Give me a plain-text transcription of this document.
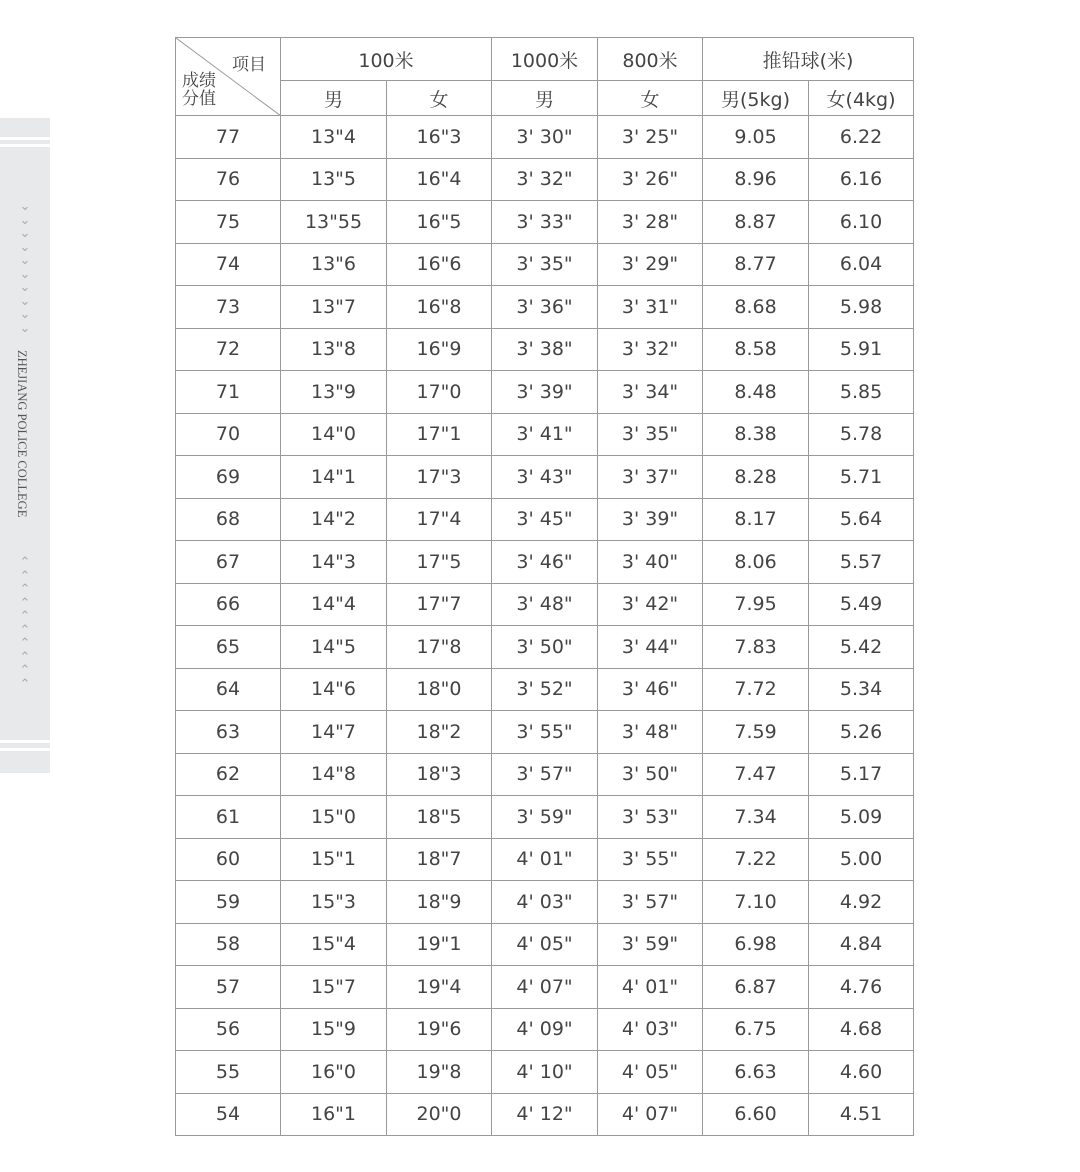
⌄
⌄
⌄
⌄
⌄
⌄
⌄
⌄
⌄
⌄
ZHEJIANG POLICE COLLEGE
⌃
⌃
⌃
⌃
⌃
⌃
⌃
⌃
⌃
⌃
项目
成绩
分值	100米		1000米	800米	推铅球(米)	
	男	女	男	女	男(5kg)	女(4kg)
77	13"4	16"3	3' 30"	3' 25"	9.05	6.22
76	13"5	16"4	3' 32"	3' 26"	8.96	6.16
75	13"55	16"5	3' 33"	3' 28"	8.87	6.10
74	13"6	16"6	3' 35"	3' 29"	8.77	6.04
73	13"7	16"8	3' 36"	3' 31"	8.68	5.98
72	13"8	16"9	3' 38"	3' 32"	8.58	5.91
71	13"9	17"0	3' 39"	3' 34"	8.48	5.85
70	14"0	17"1	3' 41"	3' 35"	8.38	5.78
69	14"1	17"3	3' 43"	3' 37"	8.28	5.71
68	14"2	17"4	3' 45"	3' 39"	8.17	5.64
67	14"3	17"5	3' 46"	3' 40"	8.06	5.57
66	14"4	17"7	3' 48"	3' 42"	7.95	5.49
65	14"5	17"8	3' 50"	3' 44"	7.83	5.42
64	14"6	18"0	3' 52"	3' 46"	7.72	5.34
63	14"7	18"2	3' 55"	3' 48"	7.59	5.26
62	14"8	18"3	3' 57"	3' 50"	7.47	5.17
61	15"0	18"5	3' 59"	3' 53"	7.34	5.09
60	15"1	18"7	4' 01"	3' 55"	7.22	5.00
59	15"3	18"9	4' 03"	3' 57"	7.10	4.92
58	15"4	19"1	4' 05"	3' 59"	6.98	4.84
57	15"7	19"4	4' 07"	4' 01"	6.87	4.76
56	15"9	19"6	4' 09"	4' 03"	6.75	4.68
55	16"0	19"8	4' 10"	4' 05"	6.63	4.60
54	16"1	20"0	4' 12"	4' 07"	6.60	4.51
